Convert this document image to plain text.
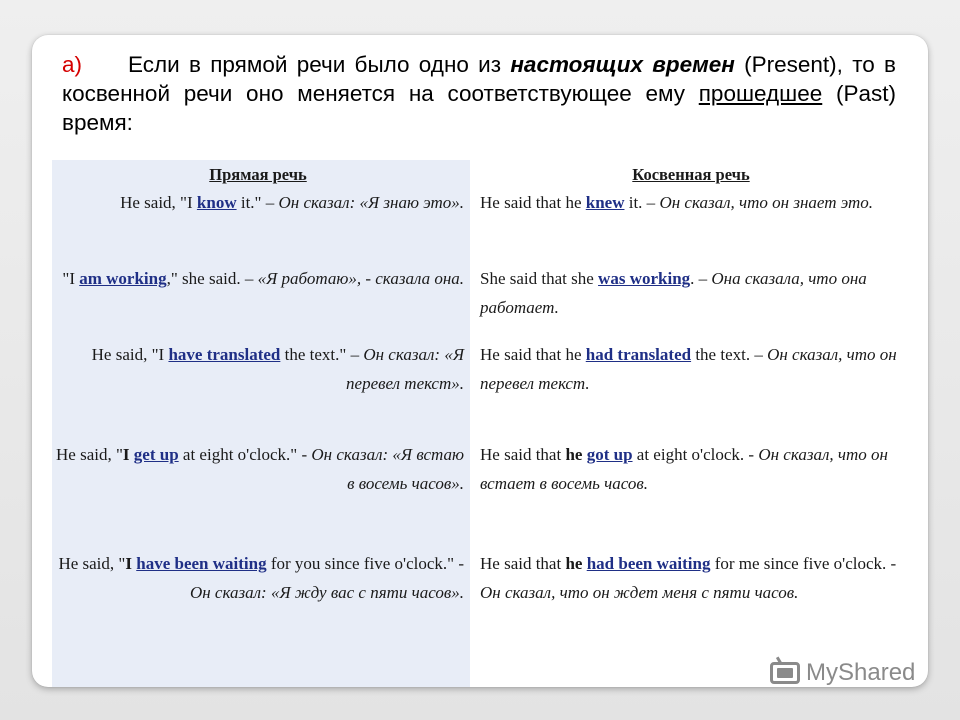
а) Если в прямой речи было одно из настоящих времен (Present), то в косвенной речи оно меняется на соответствующее ему прошедшее (Past) время:
Прямая речь	Косвенная речь
He said, "I know it." – Он сказал: «Я знаю это».	He said that he knew it. – Он сказал, что он знает это.
"I am working," she said. – «Я работаю», - сказала она.	She said that she was working. – Она сказала, что она работает.
He said, "I have translated the text." – Он сказал: «Я перевел текст».	He said that he had translated the text. – Он сказал, что он перевел текст.
He said, "I get up at eight o'clock." - Он сказал: «Я встаю в восемь часов».	He said that he got up at eight o'clock. - Он сказал, что он встает в восемь часов.
He said, "I have been waiting for you since five o'clock." - Он сказал: «Я жду вас с пяти часов».	He said that he had been waiting for me since five o'clock. - Он сказал, что он ждет меня с пяти часов.
MyShared
